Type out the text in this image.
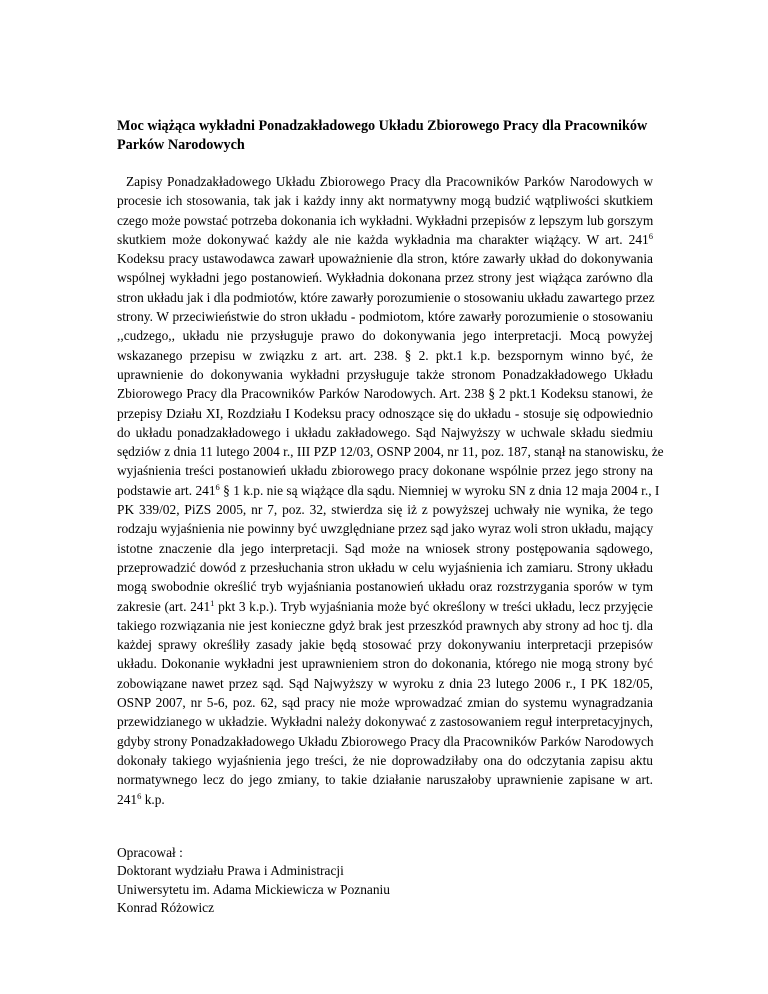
Moc wiążąca wykładni Ponadzakładowego Układu Zbiorowego Pracy dla Pracowników Parków Narodowych
Zapisy Ponadzakładowego Układu Zbiorowego Pracy dla Pracowników Parków Narodowych w
procesie ich stosowania, tak jak i każdy inny akt normatywny mogą budzić wątpliwości skutkiem
czego może powstać potrzeba dokonania ich wykładni. Wykładni przepisów z lepszym lub gorszym
skutkiem może dokonywać każdy ale nie każda wykładnia ma charakter wiążący. W art. $241^6$
Kodeksu pracy ustawodawca zawarł upoważnienie dla stron, które zawarły układ do dokonywania
wspólnej wykładni jego postanowień. Wykładnia dokonana przez strony jest wiążąca zarówno dla
stron układu jak i dla podmiotów, które zawarły porozumienie o stosowaniu układu zawartego przez
strony. W przeciwieństwie do stron układu - podmiotom, które zawarły porozumienie o stosowaniu
,,cudzego,, układu nie przysługuje prawo do dokonywania jego interpretacji. Mocą powyżej
wskazanego przepisu w związku z art. art. 238. § 2. pkt.1 k.p. bezspornym winno być, że
uprawnienie do dokonywania wykładni przysługuje także stronom Ponadzakładowego Układu
Zbiorowego Pracy dla Pracowników Parków Narodowych. Art. 238 § 2 pkt.1 Kodeksu stanowi, że
przepisy Działu XI, Rozdziału I Kodeksu pracy odnoszące się do układu - stosuje się odpowiednio
do układu ponadzakładowego i układu zakładowego. Sąd Najwyższy w uchwale składu siedmiu
sędziów z dnia 11 lutego 2004 r., III PZP 12/03, OSNP 2004, nr 11, poz. 187, stanął na stanowisku, że
wyjaśnienia treści postanowień układu zbiorowego pracy dokonane wspólnie przez jego strony na
podstawie art. $241^6$ § 1 k.p. nie są wiążące dla sądu. Niemniej w wyroku SN z dnia 12 maja 2004 r., I
PK 339/02, PiZS 2005, nr 7, poz. 32, stwierdza się iż z powyższej uchwały nie wynika, że tego
rodzaju wyjaśnienia nie powinny być uwzględniane przez sąd jako wyraz woli stron układu, mający
istotne znaczenie dla jego interpretacji. Sąd może na wniosek strony postępowania sądowego,
przeprowadzić dowód z przesłuchania stron układu w celu wyjaśnienia ich zamiaru. Strony układu
mogą swobodnie określić tryb wyjaśniania postanowień układu oraz rozstrzygania sporów w tym
zakresie (art. $241^1$ pkt 3 k.p.). Tryb wyjaśniania może być określony w treści układu, lecz przyjęcie
takiego rozwiązania nie jest konieczne gdyż brak jest przeszkód prawnych aby strony ad hoc tj. dla
każdej sprawy określiły zasady jakie będą stosować przy dokonywaniu interpretacji przepisów
układu. Dokonanie wykładni jest uprawnieniem stron do dokonania, którego nie mogą strony być
zobowiązane nawet przez sąd. Sąd Najwyższy w wyroku z dnia 23 lutego 2006 r., I PK 182/05,
OSNP 2007, nr 5-6, poz. 62, sąd pracy nie może wprowadzać zmian do systemu wynagradzania
przewidzianego w układzie. Wykładni należy dokonywać z zastosowaniem reguł interpretacyjnych,
gdyby strony Ponadzakładowego Układu Zbiorowego Pracy dla Pracowników Parków Narodowych
dokonały takiego wyjaśnienia jego treści, że nie doprowadziłaby ona do odczytania zapisu aktu
normatywnego lecz do jego zmiany, to takie działanie naruszałoby uprawnienie zapisane w art.
$241^6$ k.p.
Opracował :
Doktorant wydziału Prawa i Administracji
Uniwersytetu im. Adama Mickiewicza w Poznaniu
Konrad Różowicz
